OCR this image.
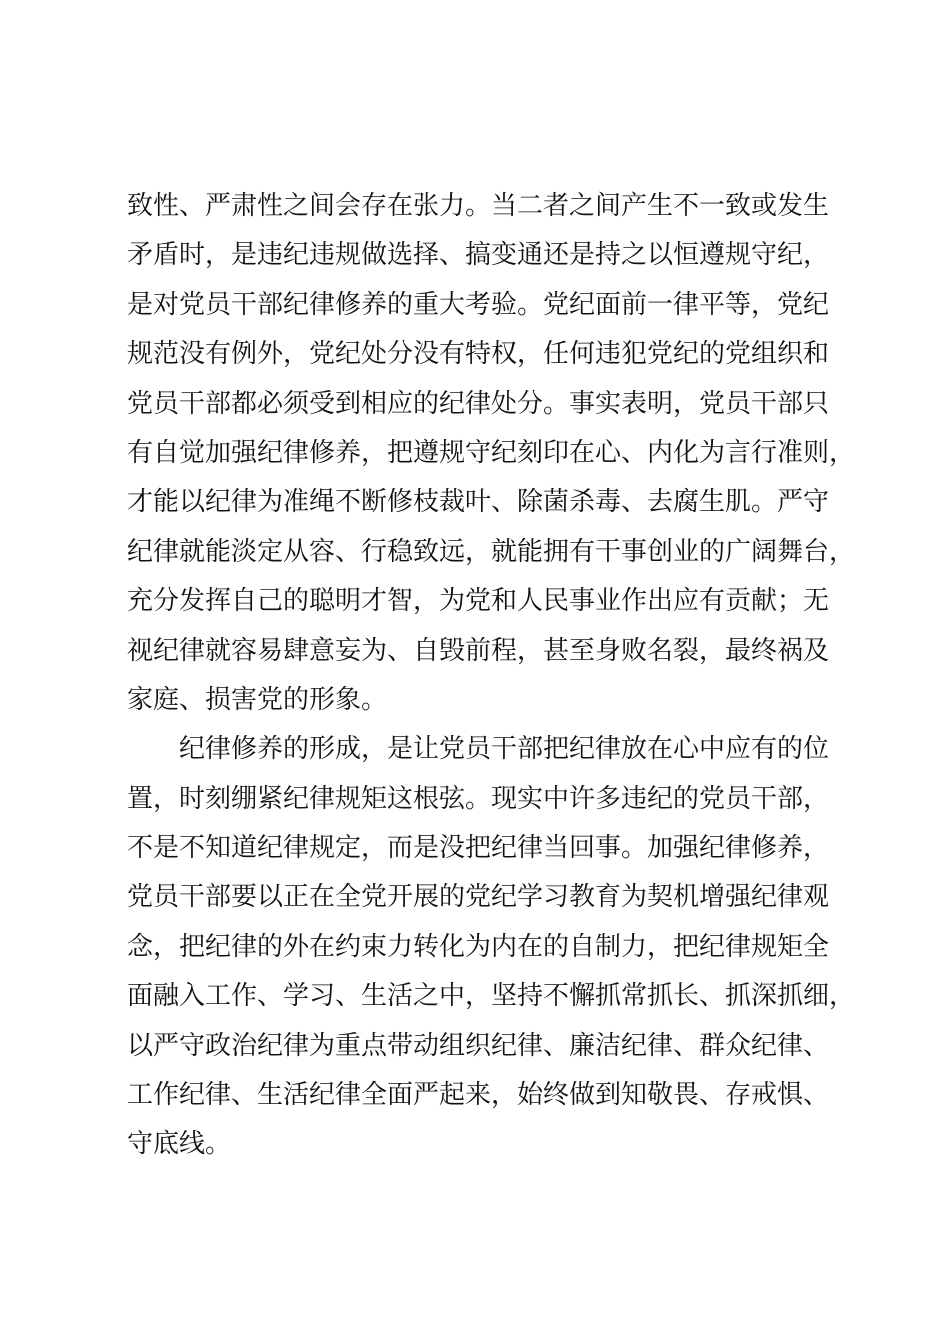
致性、严肃性之间会存在张力。当二者之间产生不一致或发生
矛盾时，是违纪违规做选择、搞变通还是持之以恒遵规守纪，
是对党员干部纪律修养的重大考验。党纪面前一律平等，党纪
规范没有例外，党纪处分没有特权，任何违犯党纪的党组织和
党员干部都必须受到相应的纪律处分。事实表明，党员干部只
有自觉加强纪律修养，把遵规守纪刻印在心、内化为言行准则，
才能以纪律为准绳不断修枝裁叶、除菌杀毒、去腐生肌。严守
纪律就能淡定从容、行稳致远，就能拥有干事创业的广阔舞台，
充分发挥自己的聪明才智，为党和人民事业作出应有贡献；无
视纪律就容易肆意妄为、自毁前程，甚至身败名裂，最终祸及
家庭、损害党的形象。
纪律修养的形成，是让党员干部把纪律放在心中应有的位
置，时刻绷紧纪律规矩这根弦。现实中许多违纪的党员干部，
不是不知道纪律规定，而是没把纪律当回事。加强纪律修养，
党员干部要以正在全党开展的党纪学习教育为契机增强纪律观
念，把纪律的外在约束力转化为内在的自制力，把纪律规矩全
面融入工作、学习、生活之中，坚持不懈抓常抓长、抓深抓细，
以严守政治纪律为重点带动组织纪律、廉洁纪律、群众纪律、
工作纪律、生活纪律全面严起来，始终做到知敬畏、存戒惧、
守底线。
